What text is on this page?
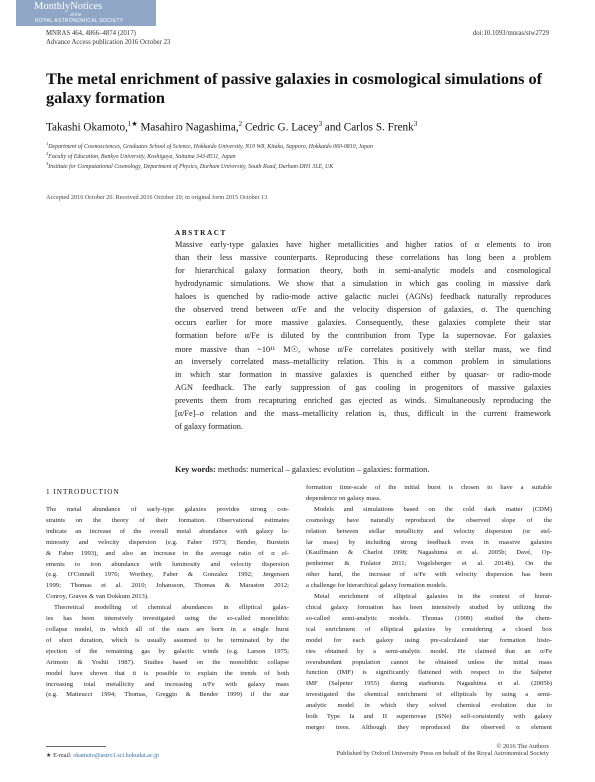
MonthlyNotices
of the
ROYAL ASTRONOMICAL SOCIETY
MNRAS 464, 4866–4874 (2017)
Advance Access publication 2016 October 23
doi:10.1093/mnras/stw2729
The metal enrichment of passive galaxies in cosmological simulations of galaxy formation
Takashi Okamoto,$^{1★}$ Masahiro Nagashima,$^2$ Cedric G. Lacey$^3$ and Carlos S. Frenk$^3$
$^1$Department of Cosmosciences, Graduates School of Science, Hokkaido University, N10 W8, Kitaku, Sapporo, Hokkaido 060-0810, Japan
$^2$Faculty of Education, Bunkyo University, Koshigaya, Saitama 343-8511, Japan
$^3$Institute for Computational Cosmology, Department of Physics, Durham University, South Road, Durham DH1 3LE, UK
Accepted 2016 October 20. Received 2016 October 20; in original form 2015 October 13
ABSTRACT
Massive early-type galaxies have higher metallicities and higher ratios of α elements to iron
than their less massive counterparts. Reproducing these correlations has long been a problem
for hierarchical galaxy formation theory, both in semi-analytic models and cosmological
hydrodynamic simulations. We show that a simulation in which gas cooling in massive dark
haloes is quenched by radio-mode active galactic nuclei (AGNs) feedback naturally reproduces
the observed trend between α/Fe and the velocity dispersion of galaxies, σ. The quenching
occurs earlier for more massive galaxies. Consequently, these galaxies complete their star
formation before α/Fe is diluted by the contribution from Type Ia supernovae. For galaxies
more massive than ~10¹¹ M☉, whose α/Fe correlates positively with stellar mass, we find
an inversely correlated mass–metallicity relation. This is a common problem in simulations
in which star formation in massive galaxies is quenched either by quasar- or radio-mode
AGN feedback. The early suppression of gas cooling in progenitors of massive galaxies
prevents them from recapturing enriched gas ejected as winds. Simultaneously reproducing the
[α/Fe]–σ relation and the mass–metallicity relation is, thus, difficult in the current framework
of galaxy formation.
Key words: methods: numerical – galaxies: evolution – galaxies: formation.
1 INTRODUCTION
The metal abundance of early-type galaxies provides strong con-
straints on the theory of their formation. Observational estimates
indicate an increase of the overall metal abundance with galaxy lu-
minosity and velocity dispersion (e.g. Faber 1973; Bender, Burstein
& Faber 1993), and also an increase in the average ratio of α el-
ements to iron abundance with luminosity and velocity dispersion
(e.g. O'Connell 1976; Worthey, Faber & Gonzalez 1992; Jørgensen
1999; Thomas et al. 2010; Johansson, Thomas & Maraston 2012;
Conroy, Graves & van Dokkum 2013).
Theoretical modelling of chemical abundances in elliptical galax-
ies has been intensively investigated using the so-called monolithic
collapse model, in which all of the stars are born in a single burst
of short duration, which is usually assumed to be terminated by the
ejection of the remaining gas by galactic winds (e.g. Larson 1975;
Arimoto & Yoshii 1987). Studies based on the monolithic collapse
model have shown that it is possible to explain the trends of both
increasing total metallicity and increasing α/Fe with galaxy mass
(e.g. Matteucci 1994; Thomas, Greggio & Bender 1999) if the star
formation time-scale of the initial burst is chosen to have a suitable
dependence on galaxy mass.
Models and simulations based on the cold dark matter (CDM)
cosmology have naturally reproduced the observed slope of the
relation between stellar metallicity and velocity dispersion (or stel-
lar mass) by including strong feedback even in massive galaxies
(Kauffmann & Charlot 1998; Nagashima et al. 2005b; Davé, Op-
penheimer & Finlator 2011; Vogelsberger et al. 2014b). On the
other hand, the increase of α/Fe with velocity dispersion has been
a challenge for hierarchical galaxy formation models.
Metal enrichment of elliptical galaxies in the context of hierar-
chical galaxy formation has been intensively studied by utilizing the
so-called semi-analytic models. Thomas (1999) studied the chem-
ical enrichment of elliptical galaxies by considering a closed box
model for each galaxy using pre-calculated star formation histo-
ries obtained by a semi-analytic model. He claimed that an α/Fe
overabundant population cannot be obtained unless the initial mass
function (IMF) is significantly flattened with respect to the Salpeter
IMF (Salpeter 1955) during starbursts. Nagashima et al. (2005b)
investigated the chemical enrichment of ellipticals by using a semi-
analytic model in which they solved chemical evolution due to
both Type Ia and II supernovae (SNe) self-consistently with galaxy
merger trees. Although they reproduced the observed α element
★ E-mail: okamoto@astro1.sci.hokudai.ac.jp
© 2016 The Authors
Published by Oxford University Press on behalf of the Royal Astronomical Society
